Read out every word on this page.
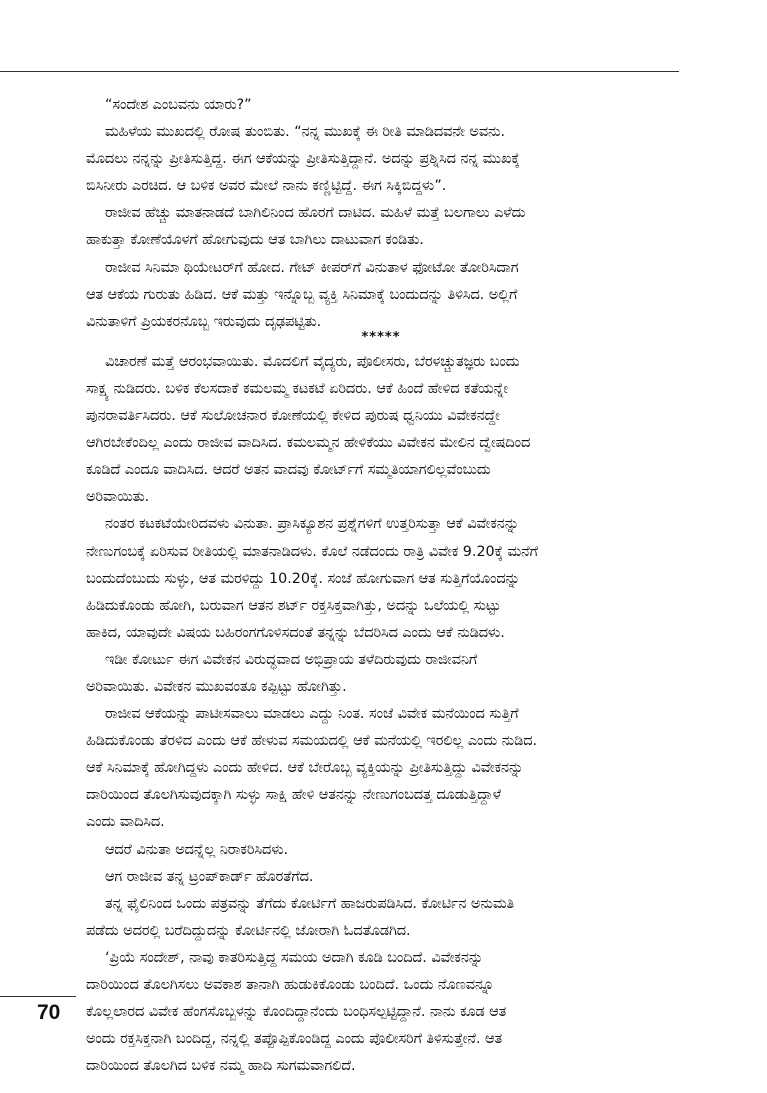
“ಸಂದೇಶ ಎಂಬವನು ಯಾರು?”
ಮಹಿಳೆಯ ಮುಖದಲ್ಲಿ ರೋಷ ತುಂಬಿತು. “ನನ್ನ ಮುಖಕ್ಕೆ ಈ ರೀತಿ ಮಾಡಿದವನೇ ಅವನು.
ಮೊದಲು ನನ್ನನ್ನು ಪ್ರೀತಿಸುತ್ತಿದ್ದ. ಈಗ ಆಕೆಯನ್ನು ಪ್ರೀತಿಸುತ್ತಿದ್ದಾನೆ. ಅದನ್ನು ಪ್ರಶ್ನಿಸಿದ ನನ್ನ ಮುಖಕ್ಕೆ
ಬಿಸಿನೀರು ಎರಚಿದ. ಆ ಬಳಿಕ ಅವರ ಮೇಲೆ ನಾನು ಕಣ್ಣಿಟ್ಟಿದ್ದೆ. ಈಗ ಸಿಕ್ಕಿಬಿದ್ದಳು”.
ರಾಜೀವ ಹೆಚ್ಚು ಮಾತನಾಡದೆ ಬಾಗಿಲಿನಿಂದ ಹೊರಗೆ ದಾಟಿದ. ಮಹಿಳೆ ಮತ್ತೆ ಬಲಗಾಲು ಎಳೆದು
ಹಾಕುತ್ತಾ ಕೋಣೆಯೊಳಗೆ ಹೋಗುವುದು ಆತ ಬಾಗಿಲು ದಾಟುವಾಗ ಕಂಡಿತು.
ರಾಜೀವ ಸಿನಿಮಾ ಥಿಯೇಟರ್‌ಗೆ ಹೋದ. ಗೇಟ್ ಕೀಪರ್‌ಗೆ ವಿನುತಾಳ ಫೋಟೋ ತೋರಿಸಿದಾಗ
ಆತ ಆಕೆಯ ಗುರುತು ಹಿಡಿದ. ಆಕೆ ಮತ್ತು ಇನ್ನೊಬ್ಬ ವ್ಯಕ್ತಿ ಸಿನಿಮಾಕ್ಕೆ ಬಂದುದನ್ನು ತಿಳಿಸಿದ. ಅಲ್ಲಿಗೆ
ವಿನುತಾಳಿಗೆ ಪ್ರಿಯಕರನೊಬ್ಬ ಇರುವುದು ದೃಢಪಟ್ಟಿತು.
*****
ವಿಚಾರಣೆ ಮತ್ತೆ ಆರಂಭವಾಯಿತು. ಮೊದಲಿಗೆ ವೈದ್ಯರು, ಪೊಲೀಸರು, ಬೆರಳಚ್ಚುತಜ್ಞರು ಬಂದು
ಸಾಕ್ಷ್ಯ ನುಡಿದರು. ಬಳಿಕ ಕೆಲಸದಾಕೆ ಕಮಲಮ್ಮ ಕಟಕಟೆ ಏರಿದರು. ಆಕೆ ಹಿಂದೆ ಹೇಳಿದ ಕತೆಯನ್ನೇ
ಪುನರಾವರ್ತಿಸಿದರು. ಆಕೆ ಸುಲೋಚನಾರ ಕೋಣೆಯಲ್ಲಿ ಕೇಳಿದ ಪುರುಷ ಧ್ವನಿಯು ವಿವೇಕನದ್ದೇ
ಆಗಿರಬೇಕೆಂದಿಲ್ಲ ಎಂದು ರಾಜೀವ ವಾದಿಸಿದ. ಕಮಲಮ್ಮನ ಹೇಳಿಕೆಯು ವಿವೇಕನ ಮೇಲಿನ ದ್ವೇಷದಿಂದ
ಕೂಡಿದೆ ಎಂದೂ ವಾದಿಸಿದ. ಆದರೆ ಅತನ ವಾದವು ಕೋರ್ಟ್‌ಗೆ ಸಮ್ಮತಿಯಾಗಲಿಲ್ಲವೆಂಬುದು
ಅರಿವಾಯಿತು.
ನಂತರ ಕಟಕಟೆಯೇರಿದವಳು ವಿನುತಾ. ಪ್ರಾಸಿಕ್ಯೂಶನ ಪ್ರಶ್ನೆಗಳಿಗೆ ಉತ್ತರಿಸುತ್ತಾ ಆಕೆ ವಿವೇಕನನ್ನು
ನೇಣುಗಂಬಕ್ಕೆ ಏರಿಸುವ ರೀತಿಯಲ್ಲಿ ಮಾತನಾಡಿದಳು. ಕೊಲೆ ನಡೆದಂದು ರಾತ್ರಿ ವಿವೇಕ 9.20ಕ್ಕೆ ಮನೆಗೆ
ಬಂದುದೆಂಬುದು ಸುಳ್ಳು, ಆತ ಮರಳಿದ್ದು 10.20ಕ್ಕೆ. ಸಂಜೆ ಹೋಗುವಾಗ ಆತ ಸುತ್ತಿಗೆಯೊಂದನ್ನು
ಹಿಡಿದುಕೊಂಡು ಹೋಗಿ, ಬರುವಾಗ ಆತನ ಶರ್ಟ್ ರಕ್ತಸಿಕ್ತವಾಗಿತ್ತು, ಅದನ್ನು ಒಲೆಯಲ್ಲಿ ಸುಟ್ಟು
ಹಾಕಿದ, ಯಾವುದೇ ವಿಷಯ ಬಹಿರಂಗಗೊಳಿಸದಂತೆ ತನ್ನನ್ನು ಬೆದರಿಸಿದ ಎಂದು ಆಕೆ ನುಡಿದಳು.
ಇಡೀ ಕೋರ್ಟು ಈಗ ವಿವೇಕನ ವಿರುದ್ಧವಾದ ಅಭಿಪ್ರಾಯ ತಳೆದಿರುವುದು ರಾಜೀವನಿಗೆ
ಅರಿವಾಯಿತು. ವಿವೇಕನ ಮುಖವಂತೂ ಕಪ್ಪಿಟ್ಟು ಹೋಗಿತ್ತು.
ರಾಜೀವ ಆಕೆಯನ್ನು ಪಾಟೀಸವಾಲು ಮಾಡಲು ಎದ್ದು ನಿಂತ. ಸಂಜೆ ವಿವೇಕ ಮನೆಯಿಂದ ಸುತ್ತಿಗೆ
ಹಿಡಿದುಕೊಂಡು ತೆರಳಿದ ಎಂದು ಆಕೆ ಹೇಳುವ ಸಮಯದಲ್ಲಿ ಆಕೆ ಮನೆಯಲ್ಲಿ ಇರಲಿಲ್ಲ ಎಂದು ನುಡಿದ.
ಆಕೆ ಸಿನಿಮಾಕ್ಕೆ ಹೋಗಿದ್ದಳು ಎಂದು ಹೇಳಿದ. ಆಕೆ ಬೇರೊಬ್ಬ ವ್ಯಕ್ತಿಯನ್ನು ಪ್ರೀತಿಸುತ್ತಿದ್ದು ವಿವೇಕನನ್ನು
ದಾರಿಯಿಂದ ತೊಲಗಿಸುವುದಕ್ಕಾಗಿ ಸುಳ್ಳು ಸಾಕ್ಷಿ ಹೇಳಿ ಆತನನ್ನು ನೇಣುಗಂಬದತ್ತ ದೂಡುತ್ತಿದ್ದಾಳೆ
ಎಂದು ವಾದಿಸಿದ.
ಆದರೆ ವಿನುತಾ ಅದನ್ನೆಲ್ಲ ನಿರಾಕರಿಸಿದಳು.
ಆಗ ರಾಜೀವ ತನ್ನ ಟ್ರಂಪ್‌ಕಾರ್ಡ್ ಹೊರತೆಗೆದ.
ತನ್ನ ಫೈಲಿನಿಂದ ಒಂದು ಪತ್ರವನ್ನು ತೆಗೆದು ಕೋರ್ಟಿಗೆ ಹಾಜರುಪಡಿಸಿದ. ಕೋರ್ಟಿನ ಅನುಮತಿ
ಪಡೆದು ಅದರಲ್ಲಿ ಬರೆದಿದ್ದುದನ್ನು ಕೋರ್ಟಿನಲ್ಲಿ ಜೋರಾಗಿ ಓದತೊಡಗಿದ.
‘ಪ್ರಿಯೆ ಸಂದೇಶ್, ನಾವು ಕಾತರಿಸುತ್ತಿದ್ದ ಸಮಯ ಅದಾಗಿ ಕೂಡಿ ಬಂದಿದೆ. ವಿವೇಕನನ್ನು
ದಾರಿಯಿಂದ ತೊಲಗಿಸಲು ಅವಕಾಶ ತಾನಾಗಿ ಹುಡುಕಿಕೊಂಡು ಬಂದಿದೆ. ಒಂದು ನೊಣವನ್ನೂ
ಕೊಲ್ಲಲಾರದ ವಿವೇಕ ಹೆಂಗಸೊಬ್ಬಳನ್ನು ಕೊಂದಿದ್ದಾನೆಂದು ಬಂಧಿಸಲ್ಪಟ್ಟಿದ್ದಾನೆ. ನಾನು ಕೂಡ ಆತ
ಅಂದು ರಕ್ತಸಿಕ್ತನಾಗಿ ಬಂದಿದ್ದ, ನನ್ನಲ್ಲಿ ತಪ್ಪೊಪ್ಪಿಕೊಂಡಿದ್ದ ಎಂದು ಪೊಲೀಸರಿಗೆ ತಿಳಿಸುತ್ತೇನೆ. ಆತ
ದಾರಿಯಿಂದ ತೊಲಗಿದ ಬಳಿಕ ನಮ್ಮ ಹಾದಿ ಸುಗಮವಾಗಲಿದೆ.
70
